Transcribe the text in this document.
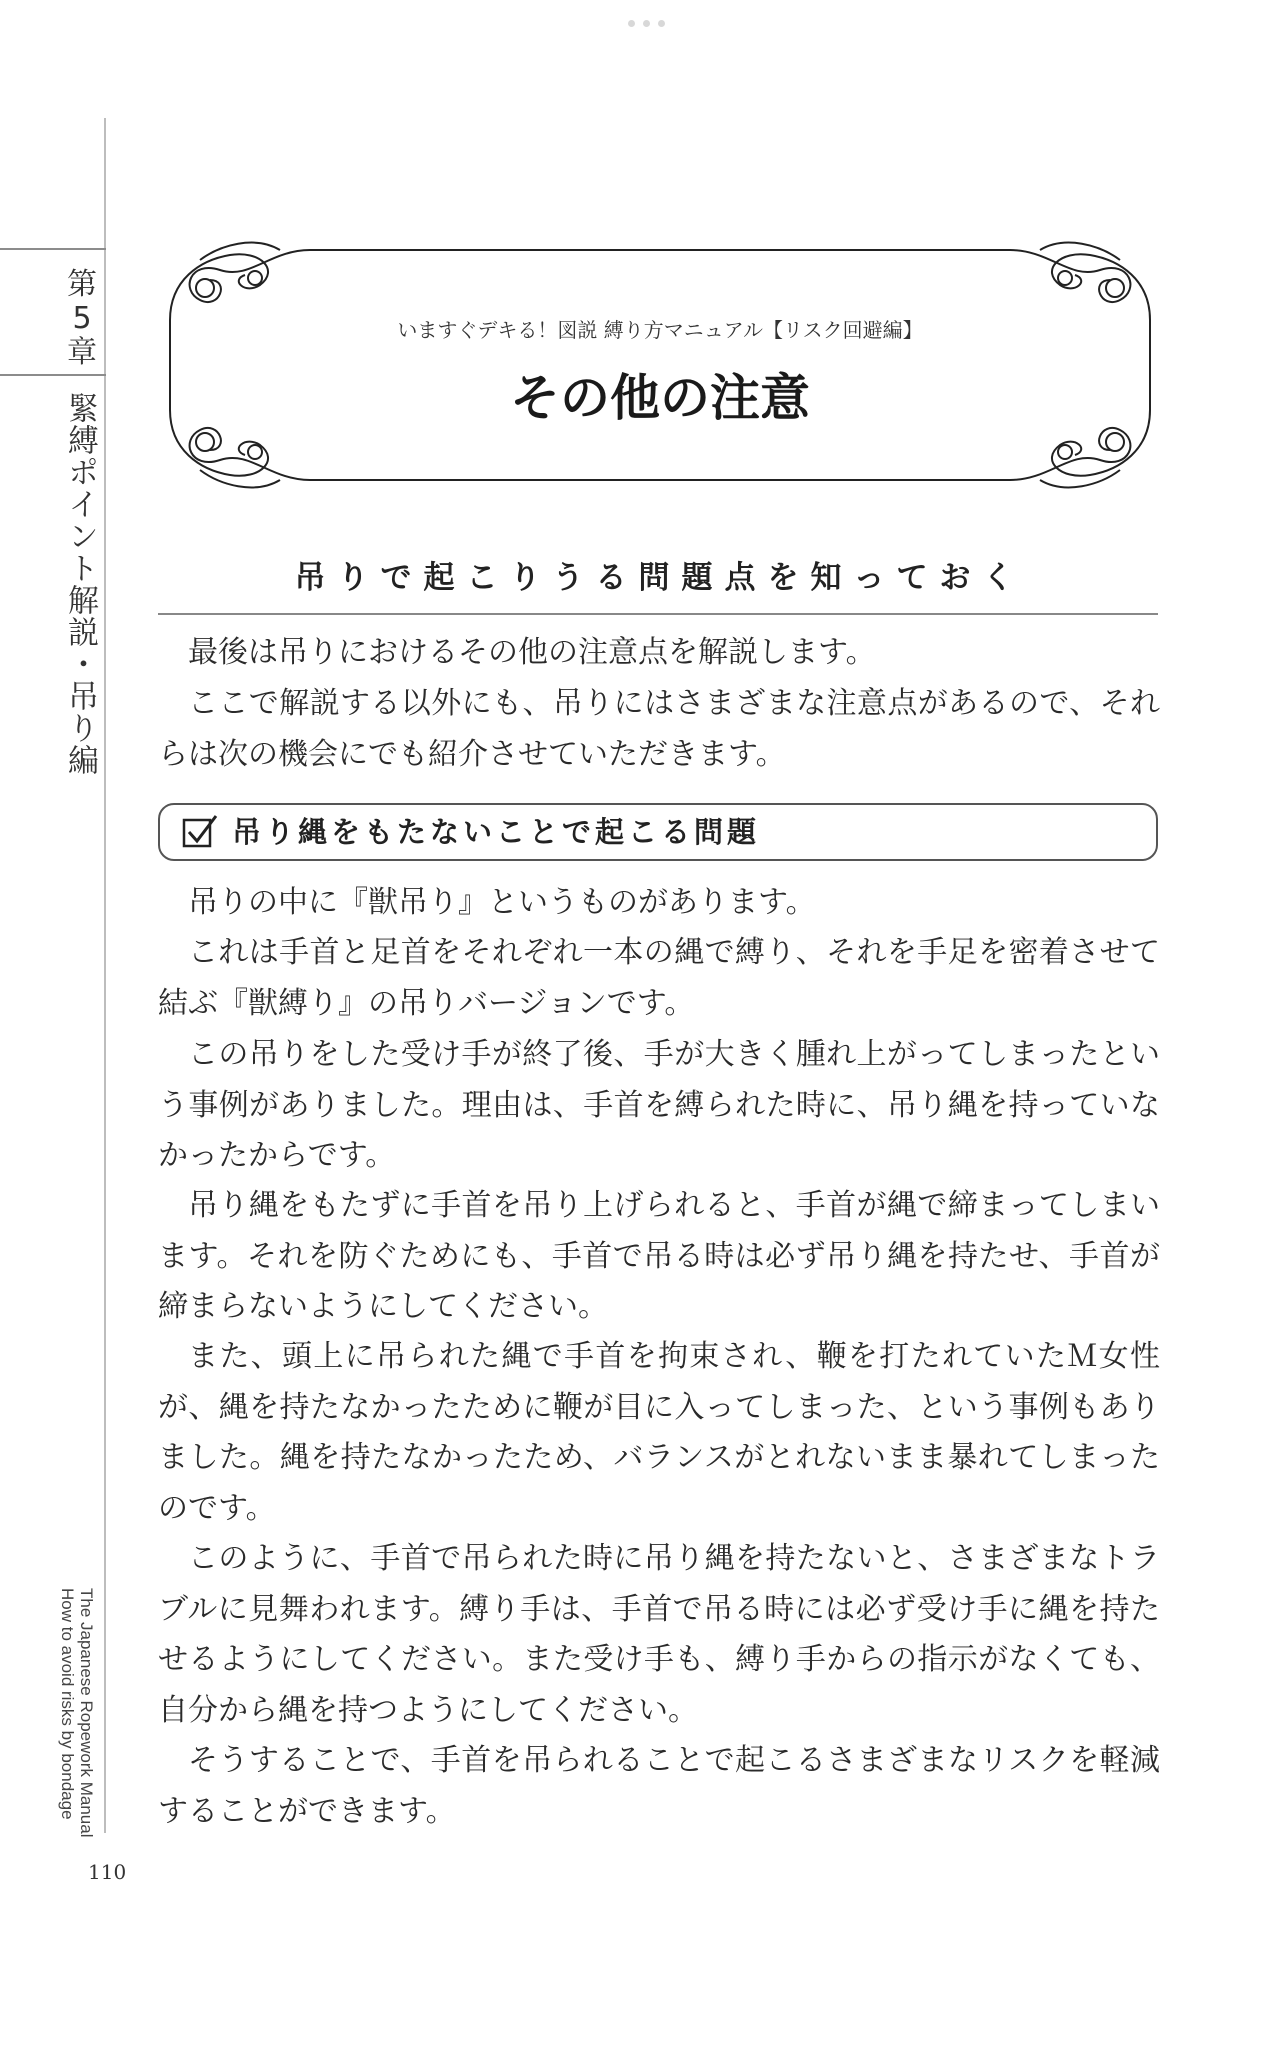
第
5
章
緊縛ポイント解説・吊り編
The Japanese Ropework Manual
How to avoid risks by bondage
110
いますぐデキる！図説 縛り方マニュアル【リスク回避編】
その他の注意
吊りで起こりうる問題点を知っておく

最後は吊りにおけるその他の注意点を解説します。

ここで解説する以外にも、吊りにはさまざまな注意点があるので、それらは次の機会にでも紹介させていただきます。

吊り縄をもたないことで起こる問題

吊りの中に『獣吊り』というものがあります。

これは手首と足首をそれぞれ一本の縄で縛り、それを手足を密着させて結ぶ『獣縛り』の吊りバージョンです。

この吊りをした受け手が終了後、手が大きく腫れ上がってしまったという事例がありました。理由は、手首を縛られた時に、吊り縄を持っていなかったからです。

吊り縄をもたずに手首を吊り上げられると、手首が縄で締まってしまいます。それを防ぐためにも、手首で吊る時は必ず吊り縄を持たせ、手首が締まらないようにしてください。

また、頭上に吊られた縄で手首を拘束され、鞭を打たれていたＭ女性が、縄を持たなかったために鞭が目に入ってしまった、という事例もありました。縄を持たなかったため、バランスがとれないまま暴れてしまったのです。

このように、手首で吊られた時に吊り縄を持たないと、さまざまなトラブルに見舞われます。縛り手は、手首で吊る時には必ず受け手に縄を持たせるようにしてください。また受け手も、縛り手からの指示がなくても、自分から縄を持つようにしてください。

そうすることで、手首を吊られることで起こるさまざまなリスクを軽減することができます。
